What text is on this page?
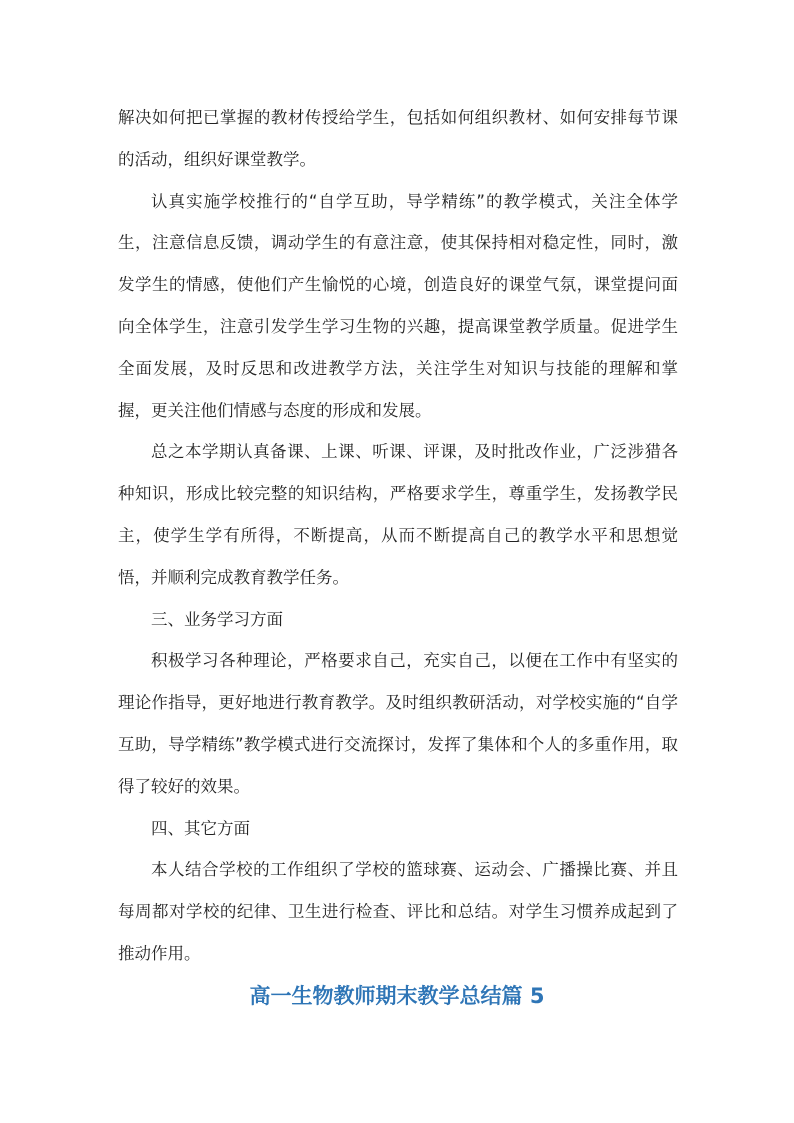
解决如何把已掌握的教材传授给学生，包括如何组织教材、如何安排每节课的活动，组织好课堂教学。

认真实施学校推行的“自学互助，导学精练”的教学模式，关注全体学生，注意信息反馈，调动学生的有意注意，使其保持相对稳定性，同时，激发学生的情感，使他们产生愉悦的心境，创造良好的课堂气氛，课堂提问面向全体学生，注意引发学生学习生物的兴趣，提高课堂教学质量。促进学生全面发展，及时反思和改进教学方法，关注学生对知识与技能的理解和掌握，更关注他们情感与态度的形成和发展。

总之本学期认真备课、上课、听课、评课，及时批改作业，广泛涉猎各种知识，形成比较完整的知识结构，严格要求学生，尊重学生，发扬教学民主，使学生学有所得，不断提高，从而不断提高自己的教学水平和思想觉悟，并顺利完成教育教学任务。

三、业务学习方面

积极学习各种理论，严格要求自己，充实自己，以便在工作中有坚实的理论作指导，更好地进行教育教学。及时组织教研活动，对学校实施的“自学互助，导学精练”教学模式进行交流探讨，发挥了集体和个人的多重作用，取得了较好的效果。

四、其它方面

本人结合学校的工作组织了学校的篮球赛、运动会、广播操比赛、并且每周都对学校的纪律、卫生进行检查、评比和总结。对学生习惯养成起到了推动作用。

高一生物教师期末教学总结篇 5
